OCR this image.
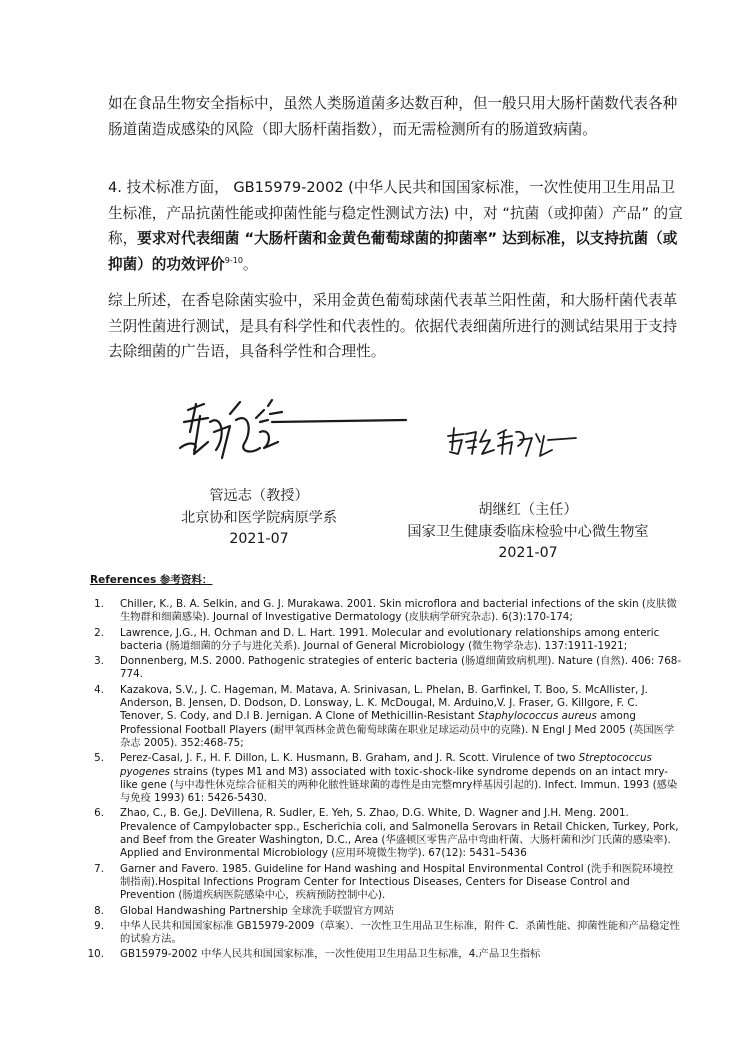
如在食品生物安全指标中，虽然人类肠道菌多达数百种，但一般只用大肠杆菌数代表各种肠道菌造成感染的风险（即大肠杆菌指数），而无需检测所有的肠道致病菌。
4. 技术标准方面， GB15979-2002 (中华人民共和国国家标准，一次性使用卫生用品卫生标准，产品抗菌性能或抑菌性能与稳定性测试方法) 中，对 “抗菌（或抑菌）产品” 的宣称，要求对代表细菌 “大肠杆菌和金黄色葡萄球菌的抑菌率” 达到标准，以支持抗菌（或抑菌）的功效评价$^{9-10}$。
综上所述，在香皂除菌实验中，采用金黄色葡萄球菌代表革兰阳性菌，和大肠杆菌代表革兰阴性菌进行测试，是具有科学性和代表性的。依据代表细菌所进行的测试结果用于支持去除细菌的广告语，具备科学性和合理性。
管远志（教授）
北京协和医学院病原学系
2021-07
胡继红（主任）
国家卫生健康委临床检验中心微生物室
2021-07
References 参考资料：
1. Chiller, K., B. A. Selkin, and G. J. Murakawa. 2001. Skin microflora and bacterial infections of the skin (皮肤微生物群和细菌感染). Journal of Investigative Dermatology (皮肤病学研究杂志). 6(3):170-174;
2. Lawrence, J.G., H. Ochman and D. L. Hart. 1991. Molecular and evolutionary relationships among enteric bacteria (肠道细菌的分子与进化关系). Journal of General Microbiology (微生物学杂志). 137:1911-1921;
3. Donnenberg, M.S. 2000. Pathogenic strategies of enteric bacteria (肠道细菌致病机理). Nature (自然). 406: 768-774.
4. Kazakova, S.V., J. C. Hageman, M. Matava, A. Srinivasan, L. Phelan, B. Garfinkel, T. Boo, S. McAllister, J. Anderson, B. Jensen, D. Dodson, D. Lonsway, L. K. McDougal, M. Arduino,V. J. Fraser, G. Killgore, F. C. Tenover, S. Cody, and D.I B. Jernigan. A Clone of Methicillin-Resistant Staphylococcus aureus among Professional Football Players (耐甲氧西林金黄色葡萄球菌在职业足球运动员中的克隆). N Engl J Med 2005 (英国医学杂志 2005). 352:468-75;
5. Perez-Casal, J. F., H. F. Dillon, L. K. Husmann, B. Graham, and J. R. Scott. Virulence of two Streptococcus pyogenes strains (types M1 and M3) associated with toxic-shock-like syndrome depends on an intact mry-like gene (与中毒性休克综合征相关的两种化脓性链球菌的毒性是由完整mry样基因引起的). Infect. Immun. 1993 (感染与免疫 1993) 61: 5426-5430.
6. Zhao, C., B. Ge,J. DeVillena, R. Sudler, E. Yeh, S. Zhao, D.G. White, D. Wagner and J.H. Meng. 2001. Prevalence of Campylobacter spp., Escherichia coli, and Salmonella Serovars in Retail Chicken, Turkey, Pork, and Beef from the Greater Washington, D.C., Area (华盛顿区零售产品中弯曲杆菌、大肠杆菌和沙门氏菌的感染率). Applied and Environmental Microbiology (应用环境微生物学). 67(12): 5431–5436
7. Garner and Favero. 1985. Guideline for Hand washing and Hospital Environmental Control (洗手和医院环境控制指南).Hospital Infections Program Center for Intectious Diseases, Centers for Disease Control and Prevention (肠道疾病医院感染中心，疾病预防控制中心).
8. Global Handwashing Partnership 全球洗手联盟官方网站
9. 中华人民共和国国家标准 GB15979-2009（草案）．一次性卫生用品卫生标准，附件 C．杀菌性能、抑菌性能和产品稳定性的试验方法。
10. GB15979-2002 中华人民共和国国家标准，一次性使用卫生用品卫生标准，4.产品卫生指标
